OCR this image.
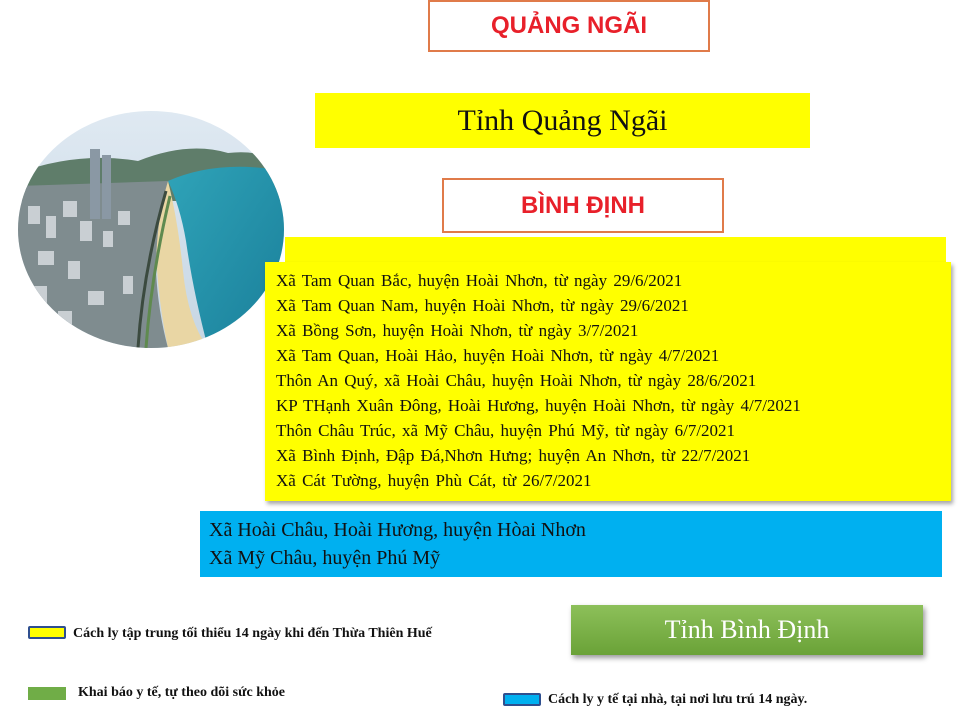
QUẢNG NGÃI
Tỉnh Quảng Ngãi
BÌNH ĐỊNH
Xã Tam Quan Bắc, huyện Hoài Nhơn, từ ngày 29/6/2021
Xã Tam Quan Nam, huyện Hoài Nhơn, từ ngày 29/6/2021
Xã Bồng Sơn, huyện Hoài Nhơn, từ ngày 3/7/2021
Xã Tam Quan, Hoài Hảo, huyện Hoài Nhơn, từ ngày 4/7/2021
Thôn An Quý, xã Hoài Châu, huyện Hoài Nhơn, từ ngày 28/6/2021
KP THạnh Xuân Đông, Hoài Hương, huyện Hoài Nhơn, từ ngày 4/7/2021
Thôn Châu Trúc, xã Mỹ Châu, huyện Phú Mỹ, từ ngày 6/7/2021
Xã Bình Định, Đập Đá,Nhơn Hưng; huyện An Nhơn, từ 22/7/2021
Xã Cát Tường, huyện Phù Cát, từ 26/7/2021
Xã Hoài Châu, Hoài Hương, huyện Hòai Nhơn
Xã Mỹ Châu, huyện Phú Mỹ
Tỉnh Bình Định
Cách ly tập trung tối thiểu 14 ngày khi đến Thừa Thiên Huế
Khai báo y tế, tự theo dõi sức khỏe	Cách ly y tế tại nhà, tại nơi lưu trú 14 ngày.
